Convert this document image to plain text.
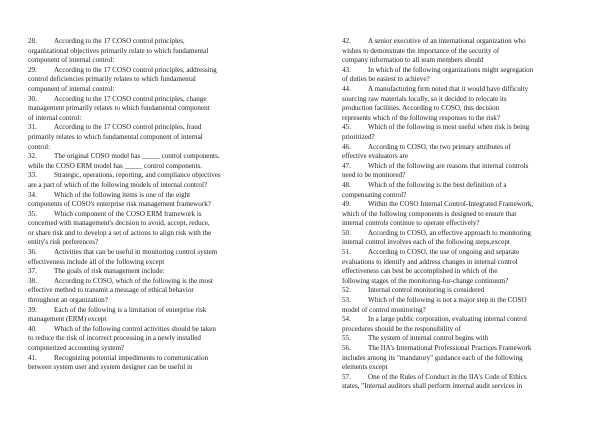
28. According to the 17 COSO control principles,
organizational objectives primarily relate to which fundamental
component of internal control:
29. According to the 17 COSO control principles, addressing
control deficiencies primarily relates to which fundamental
component of internal control:
30. According to the 17 COSO control principles, change
management primarily relates to which fundamental component
of internal control:
31. According to the 17 COSO control principles, fraud
primarily relates to which fundamental component of internal
control:
32. The original COSO model has _____ control components,
while the COSO ERM model has _____ control components.
33. Strategic, operations, reporting, and compliance objectives
are a part of which of the following models of internal control?
34. Which of the following items is one of the eight
components of COSO's enterprise risk management framework?
35. Which component of the COSO ERM framework is
concerned with management's decision to avoid, accept, reduce,
or share risk and to develop a set of actions to align risk with the
entity's risk preferences?
36. Activities that can be useful in monitoring control system
effectiveness include all of the following except
37. The goals of risk management include:
38. According to COSO, which of the following is the most
effective method to transmit a message of ethical behavior
throughout an organization?
39. Each of the following is a limitation of enterprise risk
management (ERM) except
40. Which of the following control activities should be taken
to reduce the risk of incorrect processing in a newly installed
computerized accounting system?
41. Recognizing potential impediments to communication
between system user and system designer can be useful in
42. A senior executive of an international organization who
wishes to demonstrate the importance of the security of
company information to all team members should
43. In which of the following organizations might segregation
of duties be easiest to achieve?
44. A manufacturing firm noted that it would have difficulty
sourcing raw materials locally, so it decided to relocate its
production facilities. According to COSO, this decision
represents which of the following responses to the risk?
45. Which of the following is most useful when risk is being
prioritized?
46. According to COSO, the two primary attributes of
effective evaluators are
47. Which of the following are reasons that internal controls
need to be monitored?
48. Which of the following is the best definition of a
compensating control?
49. Within the COSO Internal Control-Integrated Framework,
which of the following components is designed to ensure that
internal controls continue to operate effectively?
50. According to COSO, an effective approach to monitoring
internal control involves each of the following steps,except
51. According to COSO, the use of ongoing and separate
evaluations to identify and address changes in internal control
effectiveness can best be accomplished in which of the
following stages of the monitoring-for-change continuum?
52. Internal control monitoring is considered
53. Which of the following is not a major step in the COSO
model of control monitoring?
54. In a large public corporation, evaluating internal control
procedures should be the responsibility of
55. The system of internal control begins with
56. The IIA's International Professional Practices Framework
includes among its "mandatory" guidance each of the following
elements except
57. One of the Rules of Conduct in the IIA's Code of Ethics
states, "Internal auditors shall perform internal audit services in
